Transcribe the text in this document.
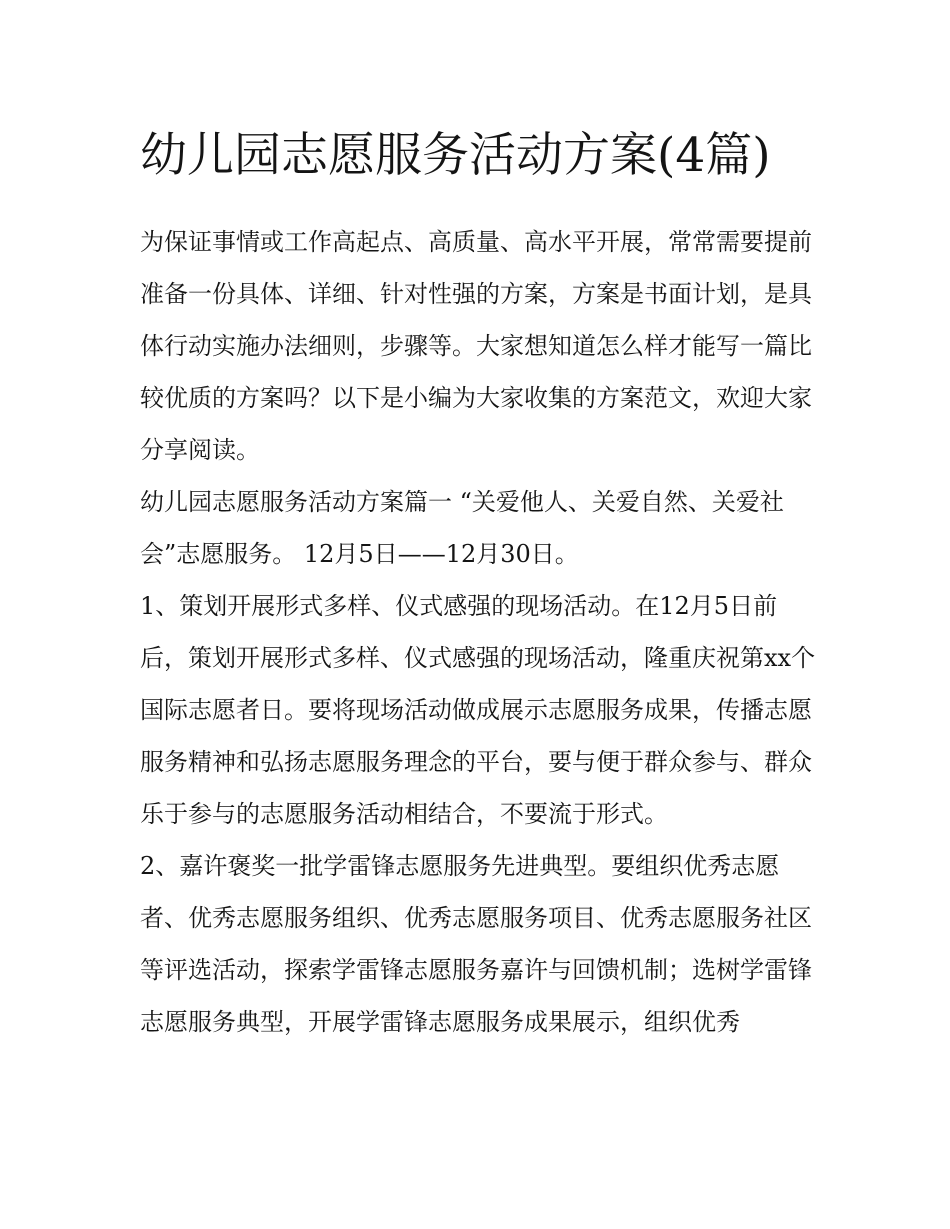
幼儿园志愿服务活动方案(4篇)

为保证事情或工作高起点、高质量、高水平开展，常常需要提前准备一份具体、详细、针对性强的方案，方案是书面计划，是具体行动实施办法细则，步骤等。大家想知道怎么样才能写一篇比较优质的方案吗？以下是小编为大家收集的方案范文，欢迎大家分享阅读。

幼儿园志愿服务活动方案篇一 “关爱他人、关爱自然、关爱社会”志愿服务。 12月5日——12月30日。

1、策划开展形式多样、仪式感强的现场活动。在12月5日前后，策划开展形式多样、仪式感强的现场活动，隆重庆祝第xx个国际志愿者日。要将现场活动做成展示志愿服务成果，传播志愿服务精神和弘扬志愿服务理念的平台，要与便于群众参与、群众乐于参与的志愿服务活动相结合，不要流于形式。

2、嘉许褒奖一批学雷锋志愿服务先进典型。要组织优秀志愿者、优秀志愿服务组织、优秀志愿服务项目、优秀志愿服务社区等评选活动，探索学雷锋志愿服务嘉许与回馈机制；选树学雷锋志愿服务典型，开展学雷锋志愿服务成果展示，组织优秀
